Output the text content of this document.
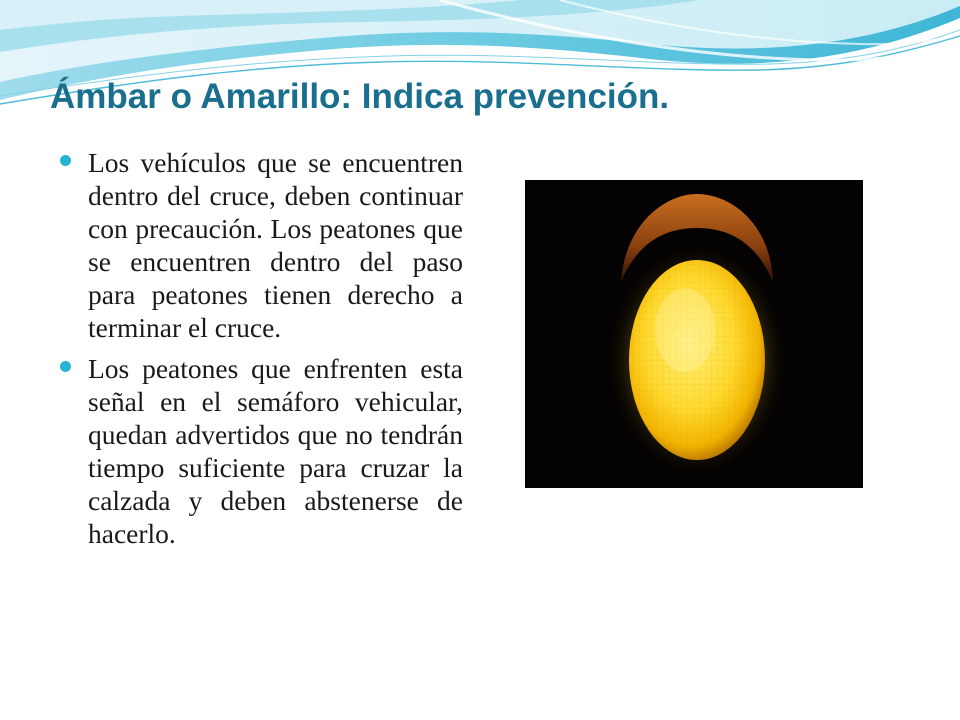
Ámbar o Amarillo: Indica prevención.
Los vehículos que se encuentren dentro del cruce, deben continuar con precaución. Los peatones que se encuentren dentro del paso para peatones tienen derecho a terminar el cruce.
Los peatones que enfrenten esta señal en el semáforo vehicular, quedan advertidos que no tendrán tiempo suficiente para cruzar la calzada y deben abstenerse de hacerlo.
